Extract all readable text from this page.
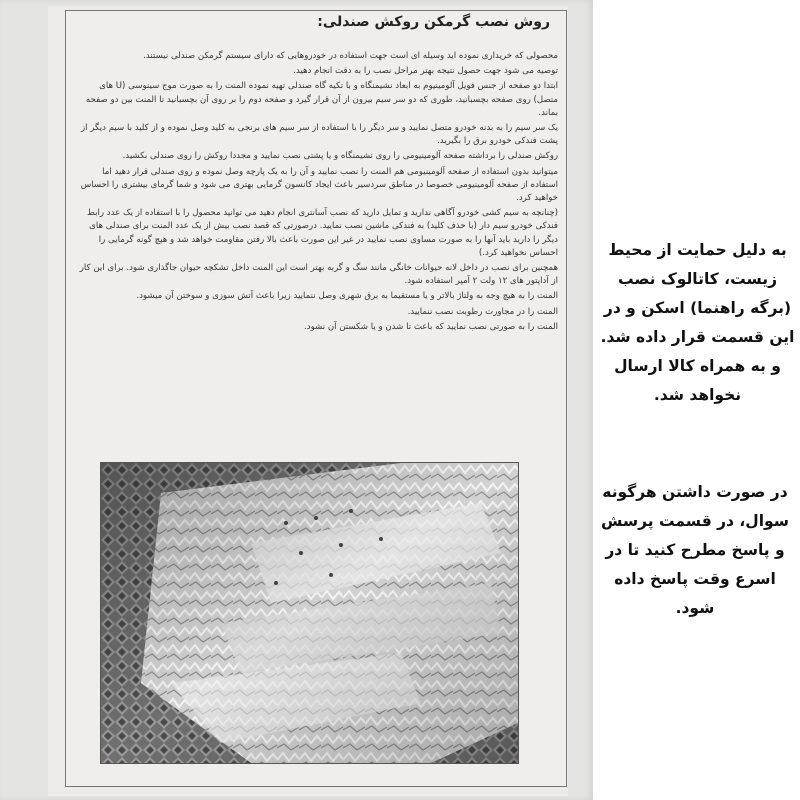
روش نصب گرمکن روکش صندلی:

محصولی که خریداری نموده اید وسیله ای است جهت استفاده در خودروهایی که دارای سیستم گرمکن صندلی نیستند.

توصیه می شود جهت حصول نتیجه بهتر مراحل نصب را به دقت انجام دهید.

ابتدا دو صفحه از جنس فویل آلومینیوم به ابعاد نشیمنگاه و با تکیه گاه صندلی تهیه نموده المنت را به صورت موج سینوسی (U های متصل) روی صفحه بچسبانید، طوری که دو سر سیم بیرون از آن قرار گیرد و صفحه دوم را بر روی آن بچسبانید تا المنت بین دو صفحه بماند.

یک سر سیم را به بدنه خودرو متصل نمایید و سر دیگر را با استفاده از سر سیم های برنجی به کلید وصل نموده و از کلید با سیم دیگر از پشت فندکی خودرو برق را بگیرید.

روکش صندلی را برداشته صفحه آلومینیومی را روی نشیمنگاه و یا پشتی نصب نمایید و مجددا روکش را روی صندلی بکشید.

میتوانید بدون استفاده از صفحه آلومینیومی هم المنت را نصب نمایید و آن را به یک پارچه وصل نموده و روی صندلی قرار دهید اما استفاده از صفحه آلومینیومی خصوصا در مناطق سردسیر باعث ایجاد کانسون گرمایی بهتری می شود و شما گرمای بیشتری را احساس خواهید کرد.

(چنانچه به سیم کشی خودرو آگاهی ندارید و تمایل دارید که نصب آسانتری انجام دهید می توانید محصول را با استفاده از یک عدد رابط فندکی خودرو سیم دار (با حذف کلید) به فندکی ماشین نصب نمایید. درصورتی که قصد نصب بیش از یک عدد المنت برای صندلی های دیگر را دارید باید آنها را به صورت مساوی نصب نمایید در غیر این صورت باعث بالا رفتن مقاومت خواهد شد و هیچ گونه گرمایی را احساس نخواهید کرد.)

همچنین برای نصب در داخل لانه حیوانات خانگی مانند سگ و گربه بهتر است این المنت داخل تشکچه حیوان جاگذاری شود. برای این کار از آداپتور های ۱۲ ولت ۲ آمپر استفاده شود.

المنت را به هیچ وجه به ولتاژ بالاتر و یا مستقیما به برق شهری وصل ننمایید زیرا باعث آتش سوزی و سوختن آن میشود.

المنت را در مجاورت رطوبت نصب ننمایید.

المنت را به صورتی نصب نمایید که باعث تا شدن و یا شکستن آن نشود.

به دلیل حمایت از محیط زیست، کاتالوک نصب (برگه راهنما) اسکن و در این قسمت قرار داده شد. و به همراه کالا ارسال نخواهد شد.
در صورت داشتن هرگونه سوال، در قسمت پرسش و پاسخ مطرح کنید تا در اسرع وقت پاسخ داده شود.
